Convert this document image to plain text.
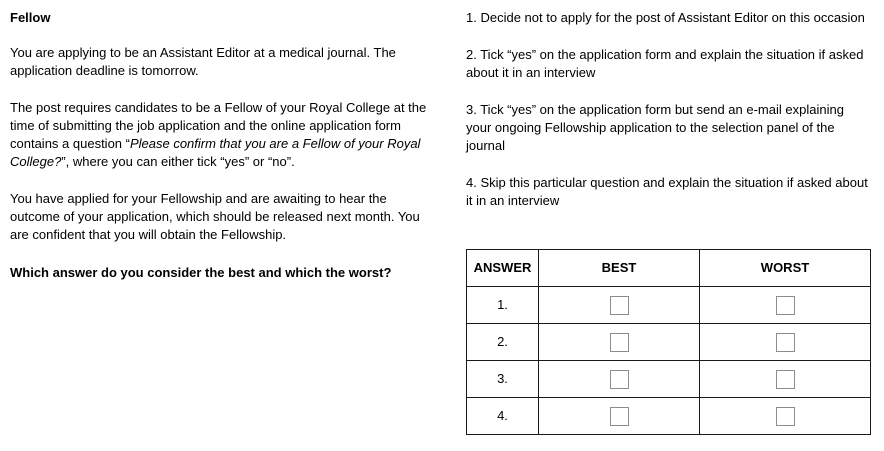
Fellow

You are applying to be an Assistant Editor at a medical journal. The application deadline is tomorrow.

The post requires candidates to be a Fellow of your Royal College at the time of submitting the job application and the online application form contains a question “Please confirm that you are a Fellow of your Royal College?”, where you can either tick “yes” or “no”.

You have applied for your Fellowship and are awaiting to hear the outcome of your application, which should be released next month. You are confident that you will obtain the Fellowship.

Which answer do you consider the best and which the worst?

1. Decide not to apply for the post of Assistant Editor on this occasion

2. Tick “yes” on the application form and explain the situation if asked about it in an interview

3. Tick “yes” on the application form but send an e-mail explaining your ongoing Fellowship application to the selection panel of the journal

4. Skip this particular question and explain the situation if asked about it in an interview

ANSWER	BEST	WORST
1.		
2.		
3.		
4.		
